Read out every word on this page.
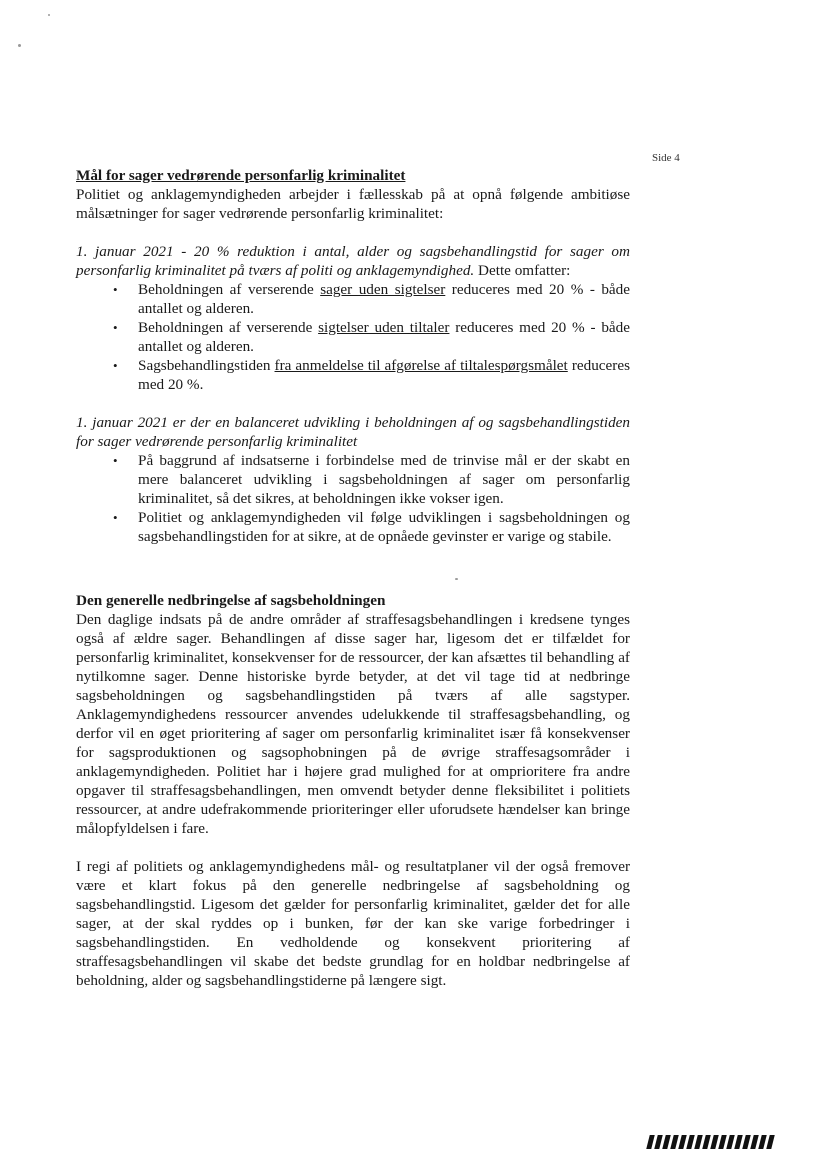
Side 4
Mål for sager vedrørende personfarlig kriminalitet

Politiet og anklagemyndigheden arbejder i fællesskab på at opnå følgende ambitiøse målsætninger for sager vedrørende personfarlig kriminalitet:

1. januar 2021 - 20 % reduktion i antal, alder og sagsbehandlingstid for sager om personfarlig kriminalitet på tværs af politi og anklagemyndighed. Dette omfatter:

• Beholdningen af verserende sager uden sigtelser reduceres med 20 % - både antallet og alderen.
• Beholdningen af verserende sigtelser uden tiltaler reduceres med 20 % - både antallet og alderen.
• Sagsbehandlingstiden fra anmeldelse til afgørelse af tiltalespørgsmålet reduceres med 20 %.

1. januar 2021 er der en balanceret udvikling i beholdningen af og sagsbehandlingstiden for sager vedrørende personfarlig kriminalitet

• På baggrund af indsatserne i forbindelse med de trinvise mål er der skabt en mere balanceret udvikling i sagsbeholdningen af sager om personfarlig kriminalitet, så det sikres, at beholdningen ikke vokser igen.
• Politiet og anklagemyndigheden vil følge udviklingen i sagsbeholdningen og sagsbehandlingstiden for at sikre, at de opnåede gevinster er varige og stabile.
Den generelle nedbringelse af sagsbeholdningen

Den daglige indsats på de andre områder af straffesagsbehandlingen i kredsene tynges også af ældre sager. Behandlingen af disse sager har, ligesom det er tilfældet for personfarlig kriminalitet, konsekvenser for de ressourcer, der kan afsættes til behandling af nytilkomne sager. Denne historiske byrde betyder, at det vil tage tid at nedbringe sagsbeholdningen og sagsbehandlingstiden på tværs af alle sagstyper. Anklagemyndighedens ressourcer anvendes udelukkende til straffesagsbehandling, og derfor vil en øget prioritering af sager om personfarlig kriminalitet især få konsekvenser for sagsproduktionen og sagsophobningen på de øvrige straffesagsområder i anklagemyndigheden. Politiet har i højere grad mulighed for at omprioritere fra andre opgaver til straffesagsbehandlingen, men omvendt betyder denne fleksibilitet i politiets ressourcer, at andre udefrakommende prioriteringer eller uforudsete hændelser kan bringe målopfyldelsen i fare.

I regi af politiets og anklagemyndighedens mål- og resultatplaner vil der også fremover være et klart fokus på den generelle nedbringelse af sagsbeholdning og sagsbehandlingstid. Ligesom det gælder for personfarlig kriminalitet, gælder det for alle sager, at der skal ryddes op i bunken, før der kan ske varige forbedringer i sagsbehandlingstiden. En vedholdende og konsekvent prioritering af straffesagsbehandlingen vil skabe det bedste grundlag for en holdbar nedbringelse af beholdning, alder og sagsbehandlingstiderne på længere sigt.
